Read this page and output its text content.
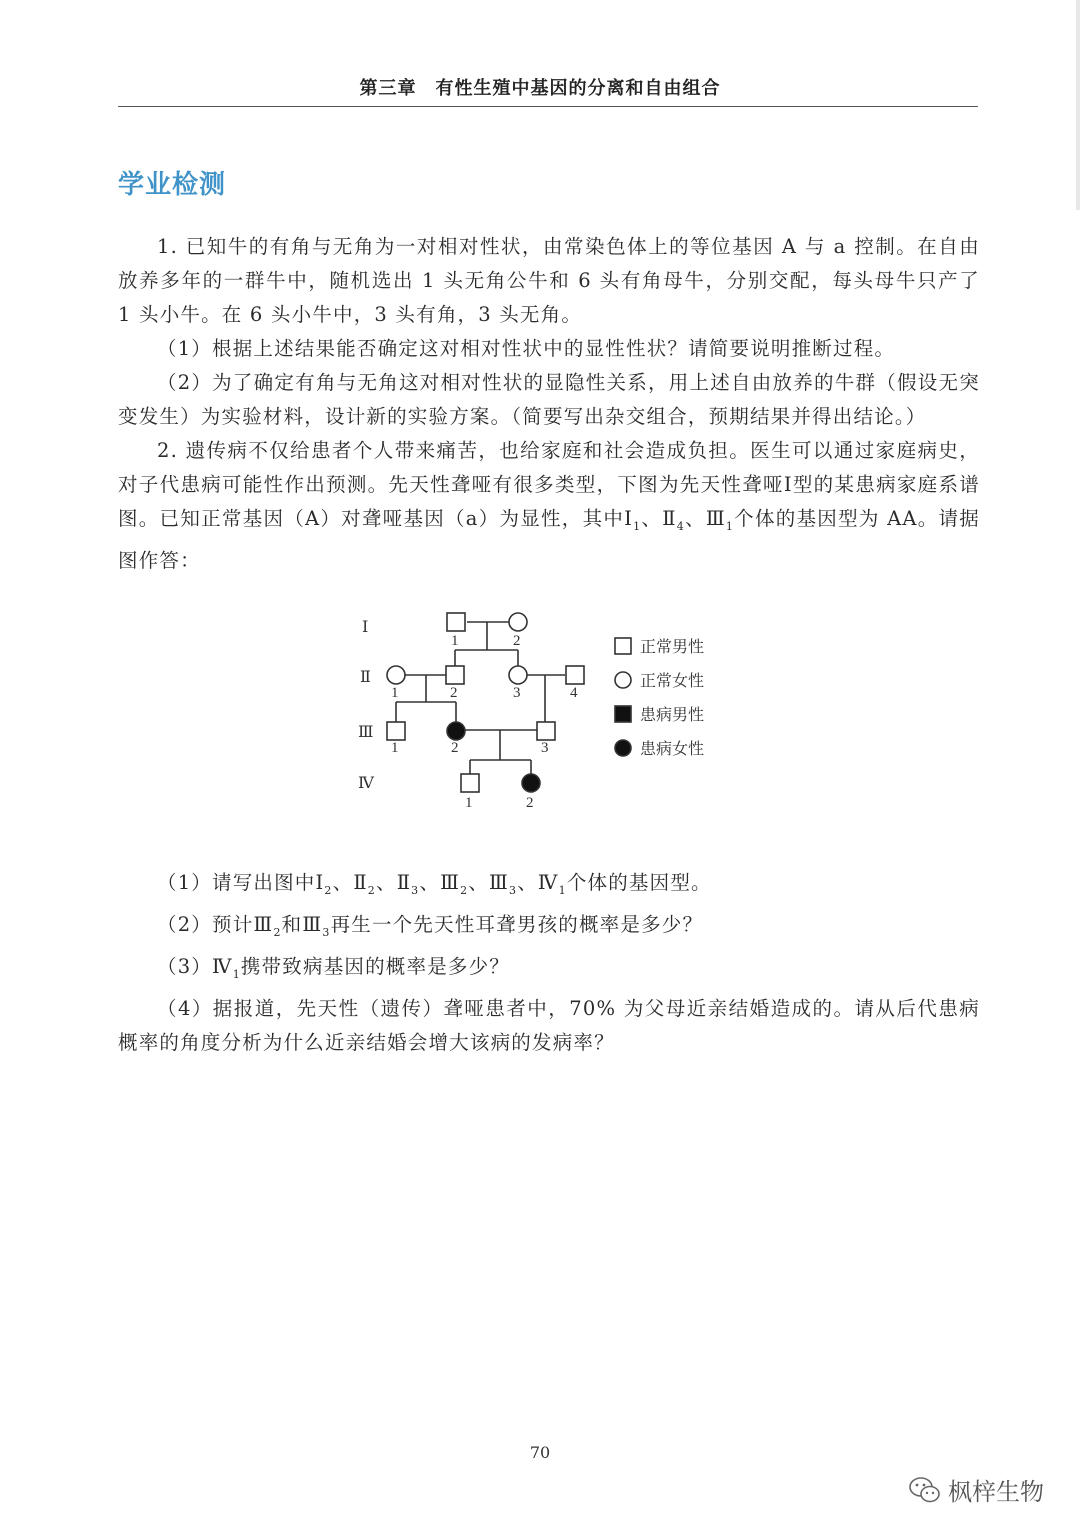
第三章　有性生殖中基因的分离和自由组合
学业检测

1. 已知牛的有角与无角为一对相对性状，由常染色体上的等位基因 A 与 a 控制。在自由放养多年的一群牛中，随机选出 1 头无角公牛和 6 头有角母牛，分别交配，每头母牛只产了 1 头小牛。在 6 头小牛中，3 头有角，3 头无角。

（1）根据上述结果能否确定这对相对性状中的显性性状？请简要说明推断过程。

（2）为了确定有角与无角这对相对性状的显隐性关系，用上述自由放养的牛群（假设无突变发生）为实验材料，设计新的实验方案。（简要写出杂交组合，预期结果并得出结论。）

2. 遗传病不仅给患者个人带来痛苦，也给家庭和社会造成负担。医生可以通过家庭病史，对子代患病可能性作出预测。先天性聋哑有很多类型，下图为先天性聋哑Ⅰ型的某患病家庭系谱图。已知正常基因（A）对聋哑基因（a）为显性，其中$Ⅰ_1$、$Ⅱ_4$、$Ⅲ_1$个体的基因型为 AA。请据图作答：

Ⅰ
Ⅱ
Ⅲ
Ⅳ
1	2
1	2	3	4
1	2	3
1	2
正常男性
正常女性
患病男性
患病女性

（1）请写出图中$Ⅰ_2$、$Ⅱ_2$、$Ⅱ_3$、$Ⅲ_2$、$Ⅲ_3$、$Ⅳ_1$个体的基因型。

（2）预计$Ⅲ_2$和$Ⅲ_3$再生一个先天性耳聋男孩的概率是多少？

$(3)Ⅳ_1$携带致病基因的概率是多少？

（4）据报道，先天性（遗传）聋哑患者中，70% 为父母近亲结婚造成的。请从后代患病概率的角度分析为什么近亲结婚会增大该病的发病率？

70
枫梓生物
